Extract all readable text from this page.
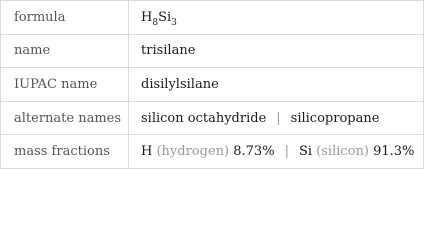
formula	$H_8Si_3$
name	trisilane
IUPAC name	disilylsilane
alternate names	silicon octahydride | silicopropane
mass fractions	H (hydrogen) 8.73% | Si (silicon) 91.3%
